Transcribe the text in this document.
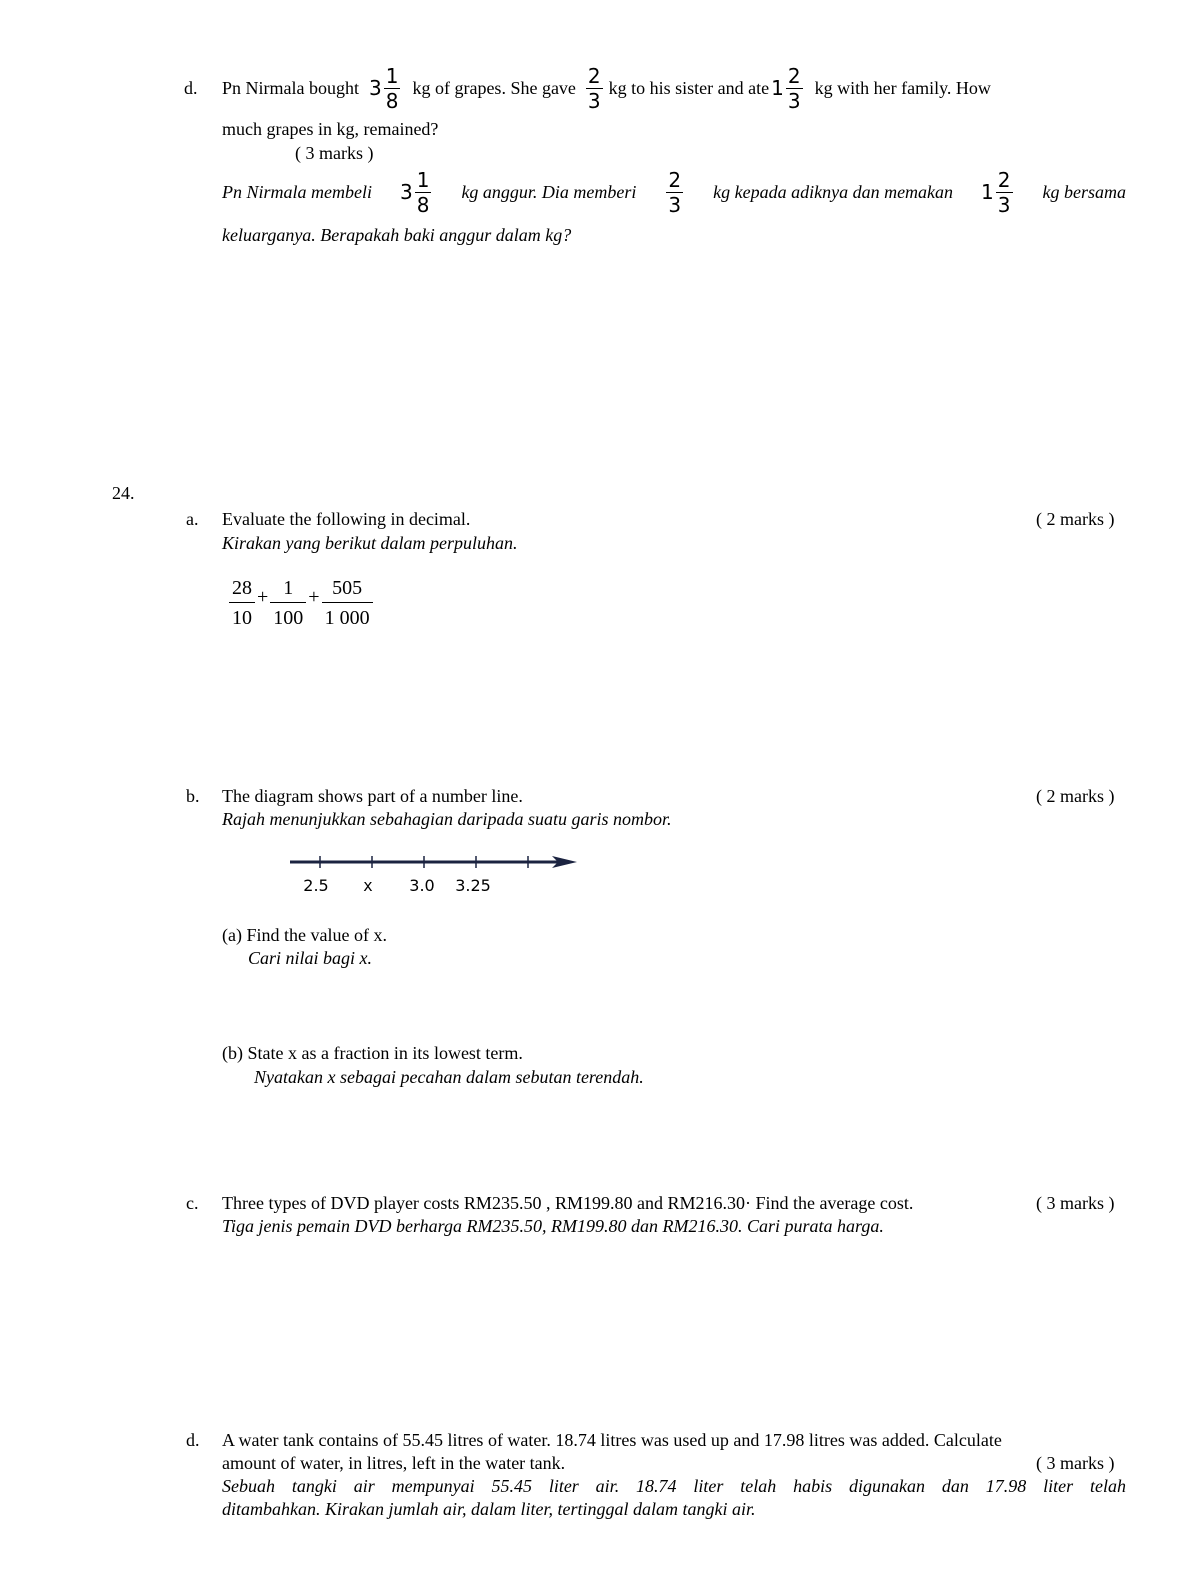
d. Pn Nirmala bought $3 \frac{1}{8}$ kg of grapes. She gave $\frac{2}{3}$ kg to his sister and ate $1 \frac{2}{3}$ kg with her family. How
much grapes in kg, remained?
( 3 marks )
Pn Nirmala membeli $3 \frac{1}{8}$ kg anggur. Dia memberi $\frac{2}{3}$ kg kepada adiknya dan memakan $1 \frac{2}{3}$ kg bersama
keluarganya. Berapakah baki anggur dalam kg?
24.
a. Evaluate the following in decimal.	( 2 marks )
Kirakan yang berikut dalam perpuluhan.
$\frac{28}{10} + \frac{1}{100} + \frac{505}{1 000}$
b. The diagram shows part of a number line.	( 2 marks )
Rajah menunjukkan sebahagian daripada suatu garis nombor.
2.5 x 3.0 3.25
(a) Find the value of x.
Cari nilai bagi x.
(b) State x as a fraction in its lowest term.
Nyatakan x sebagai pecahan dalam sebutan terendah.
c. Three types of DVD player costs RM235.50 , RM199.80 and RM216.30· Find the average cost.	( 3 marks )
Tiga jenis pemain DVD berharga RM235.50, RM199.80 dan RM216.30. Cari purata harga.
d. A water tank contains of 55.45 litres of water. 18.74 litres was used up and 17.98 litres was added. Calculate
amount of water, in litres, left in the water tank.	( 3 marks )
Sebuah tangki air mempunyai 55.45 liter air. 18.74 liter telah habis digunakan dan 17.98 liter telah
ditambahkan. Kirakan jumlah air, dalam liter, tertinggal dalam tangki air.
